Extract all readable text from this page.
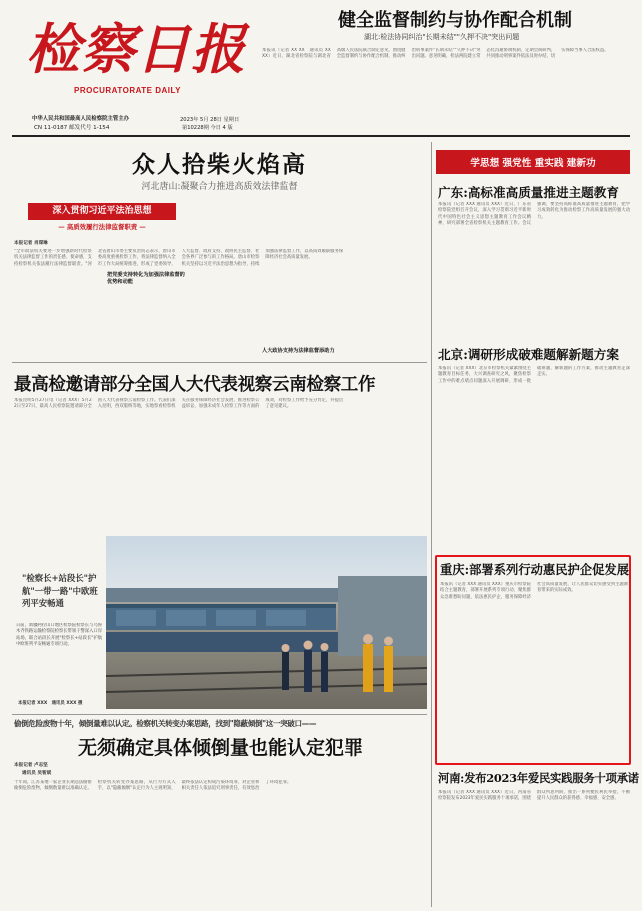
检察日报
PROCURATORATE DAILY
中华人民共和国最高人民检察院主管主办
CN 11-0187 邮发代号 1-154
2023年 5月 28日 星期日
第10228期 今日 4 版
健全监督制约与协作配合机制
湖北:检法协同纠治"长期未结""久押不决"突出问题
本报讯（记者 XX XX　通讯员 XX XX）近日，湖北省检察院与湖北省高级人民法院联合制定意见，围绕健全监督制约与协作配合机制，推动纠治刑事案件"长期未结""久押不决"突出问题。意见明确，检法两院建立常态化沟通协调机制，定期会商研判，共同推动刑事案件依法及时办结，切实保障当事人合法权益。
众人拾柴火焰高
河北唐山:凝聚合力推进高质效法律监督
深入贯彻习近平法治思想
— 高质效履行法律监督职责 —
本报记者 肖琛琳
"全市政法机关要进一步增强新时代检察机关法律监督工作的责任感、使命感，支持检察机关依法履行法律监督职责。"河北省唐山市委主要负责同志表示，唐山市委高度重视检察工作，将法律监督纳入全市工作大局统筹推进，形成了党委领导、人大监督、政府支持、政协民主监督、社会各界广泛参与的工作格局。唐山市检察机关坚持以习近平法治思想为指导，持续加强法律监督工作，以高质效履职服务保障经济社会高质量发展。
把党委支持转化为加强法律监督的优势和动能
人大政协支持为法律监督添助力
最高检邀请部分全国人大代表视察云南检察工作
本报昆明5月27日电（记者 XXX）5月22日至27日，最高人民检察院邀请部分全国人大代表视察云南检察工作。代表们深入昆明、西双版纳等地，实地察看检察机关在服务保障经济社会发展、推进检察公益诉讼、加强未成年人检察工作等方面的成效，对检察工作给予充分肯定，并提出了意见建议。
"检察长+站段长"护航"一带一路"中欧班列平安畅通
日前，新疆阿拉山口地区检察院检察长与乌鲁木齐铁路运输检察院检察长带领干警深入口岸站场，联合站段长开展"检察长+站段长"护航中欧班列平安畅通专项行动。
本报记者 XXX　通讯员 XXX 摄
偷倒危险废物十年，倾倒量难以认定。检察机关转变办案思路，找到"隐蔽倾倒"这一突破口——
无须确定具体倾倒量也能认定犯罪
本报记者 卢志坚
通讯员 吴智斌
十年间，江苏某地一家企业长期违法偷排偷倒危险废物，倾倒数量难以准确认定。检察机关转变办案思路，从行为方式入手，以"隐蔽倾倒"认定行为人主观明知，最终依法认定构成污染环境罪，对企业和相关责任人依法追究刑事责任，有效惩治了环境犯罪。
学思想 强党性 重实践 建新功
广东:高标准高质量推进主题教育
本报讯（记者 XXX 通讯员 XXX）近日，广东省检察院党组召开会议，深入学习贯彻习近平新时代中国特色社会主义思想主题教育工作会议精神，研究部署全省检察机关主题教育工作。会议强调，要坚持高标准高质量推进主题教育，把学习成效转化为推动检察工作高质量发展的强大动力。
北京:调研形成破难题解新题方案
本报讯（记者 XXX）北京市检察机关紧紧围绕主题教育目标任务，大兴调查研究之风，聚焦检察工作中的难点堵点问题深入开展调研，形成一批破难题、解新题的工作方案，推动主题教育走深走实。
重庆:部署系列行动惠民护企促发展
本报讯（记者 XXX 通讯员 XXX）重庆市检察院结合主题教育，部署开展系列专项行动，聚焦群众急难愁盼问题，依法惠民护企，服务保障经济社会高质量发展，让人民群众切实感受到主题教育带来的实际成效。
河南:发布2023年爱民实践服务十项承诺
本报讯（记者 XXX 通讯员 XXX）近日，河南省检察院发布2023年爱民实践服务十项承诺，围绕群众所思所盼，推出一系列便民利民举措，不断提升人民群众的获得感、幸福感、安全感。
